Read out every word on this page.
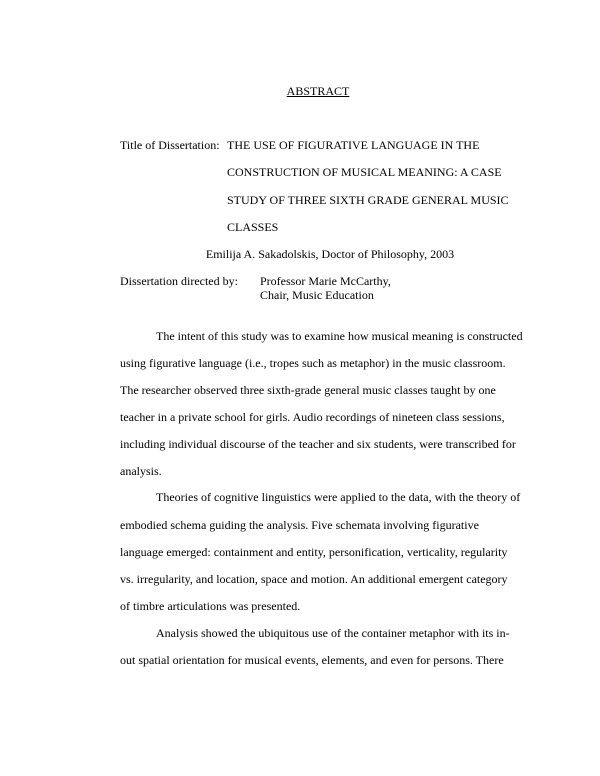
ABSTRACT
Title of Dissertation: THE USE OF FIGURATIVE LANGUAGE IN THE
CONSTRUCTION OF MUSICAL MEANING: A CASE
STUDY OF THREE SIXTH GRADE GENERAL MUSIC
CLASSES
Emilija A. Sakadolskis, Doctor of Philosophy, 2003
Dissertation directed by: Professor Marie McCarthy,
Chair, Music Education
The intent of this study was to examine how musical meaning is constructed
using figurative language (i.e., tropes such as metaphor) in the music classroom.
The researcher observed three sixth-grade general music classes taught by one
teacher in a private school for girls. Audio recordings of nineteen class sessions,
including individual discourse of the teacher and six students, were transcribed for
analysis.
Theories of cognitive linguistics were applied to the data, with the theory of
embodied schema guiding the analysis. Five schemata involving figurative
language emerged: containment and entity, personification, verticality, regularity
vs. irregularity, and location, space and motion. An additional emergent category
of timbre articulations was presented.
Analysis showed the ubiquitous use of the container metaphor with its in-
out spatial orientation for musical events, elements, and even for persons. There
